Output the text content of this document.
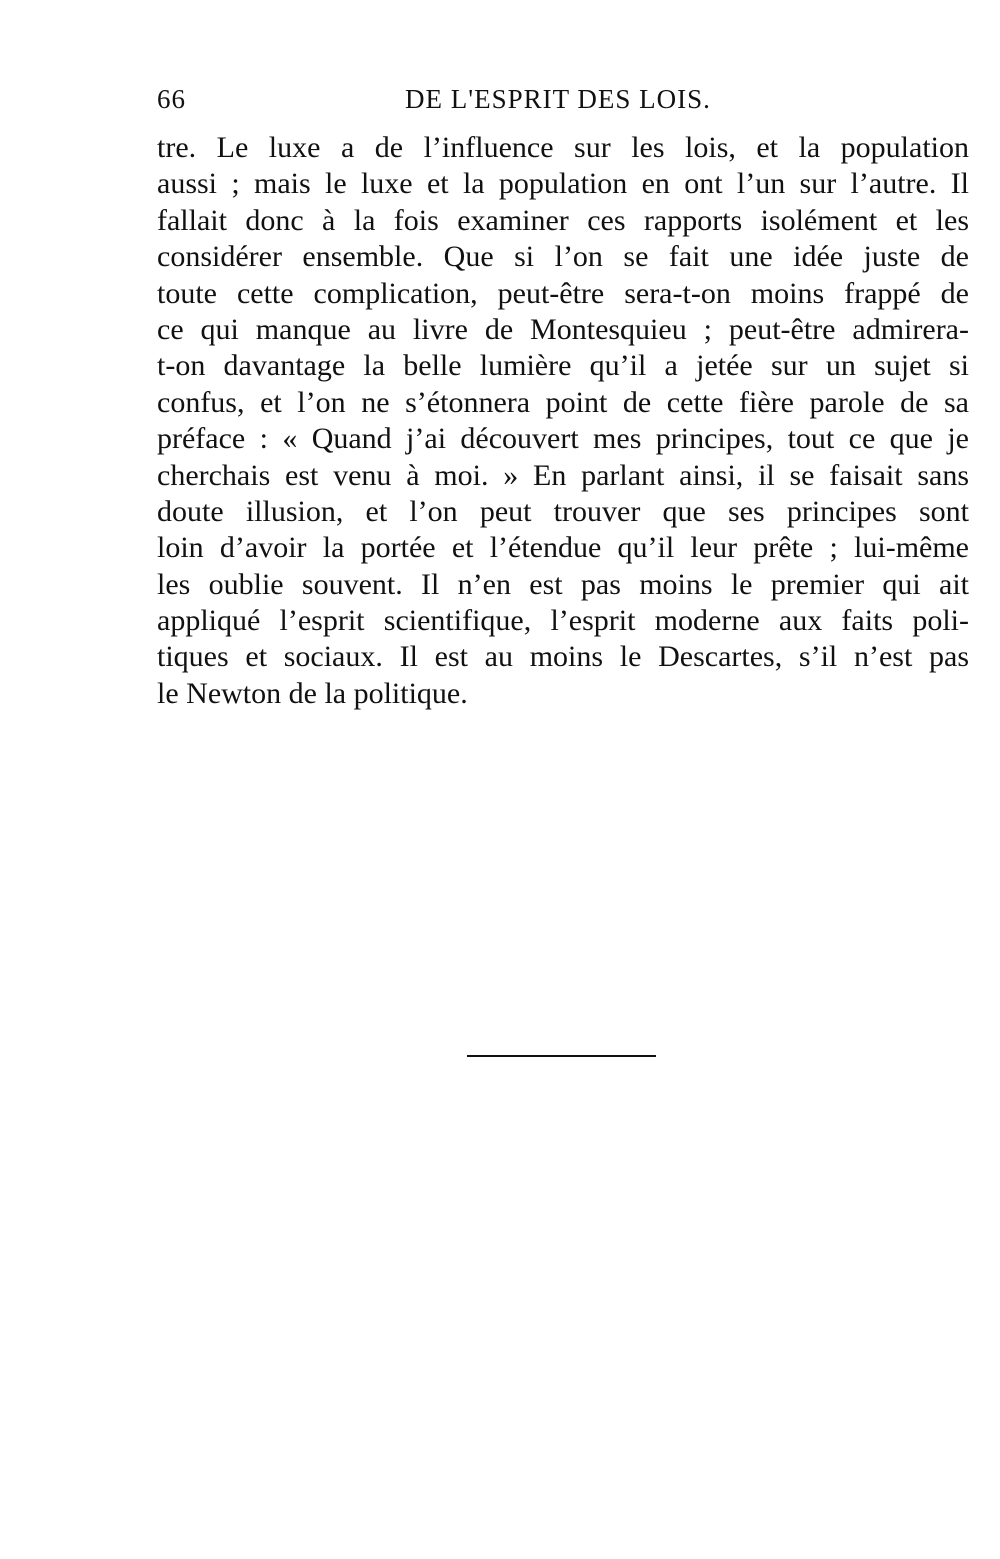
66	DE L'ESPRIT DES LOIS.
tre. Le luxe a de l’influence sur les lois, et la population
aussi ; mais le luxe et la population en ont l’un sur l’autre. Il
fallait donc à la fois examiner ces rapports isolément et les
considérer ensemble. Que si l’on se fait une idée juste de
toute cette complication, peut-être sera-t-on moins frappé de
ce qui manque au livre de Montesquieu ; peut-être admirera-
t-on davantage la belle lumière qu’il a jetée sur un sujet si
confus, et l’on ne s’étonnera point de cette fière parole de sa
préface : « Quand j’ai découvert mes principes, tout ce que je
cherchais est venu à moi. » En parlant ainsi, il se faisait sans
doute illusion, et l’on peut trouver que ses principes sont
loin d’avoir la portée et l’étendue qu’il leur prête ; lui-même
les oublie souvent. Il n’en est pas moins le premier qui ait
appliqué l’esprit scientifique, l’esprit moderne aux faits poli-
tiques et sociaux. Il est au moins le Descartes, s’il n’est pas
le Newton de la politique.
